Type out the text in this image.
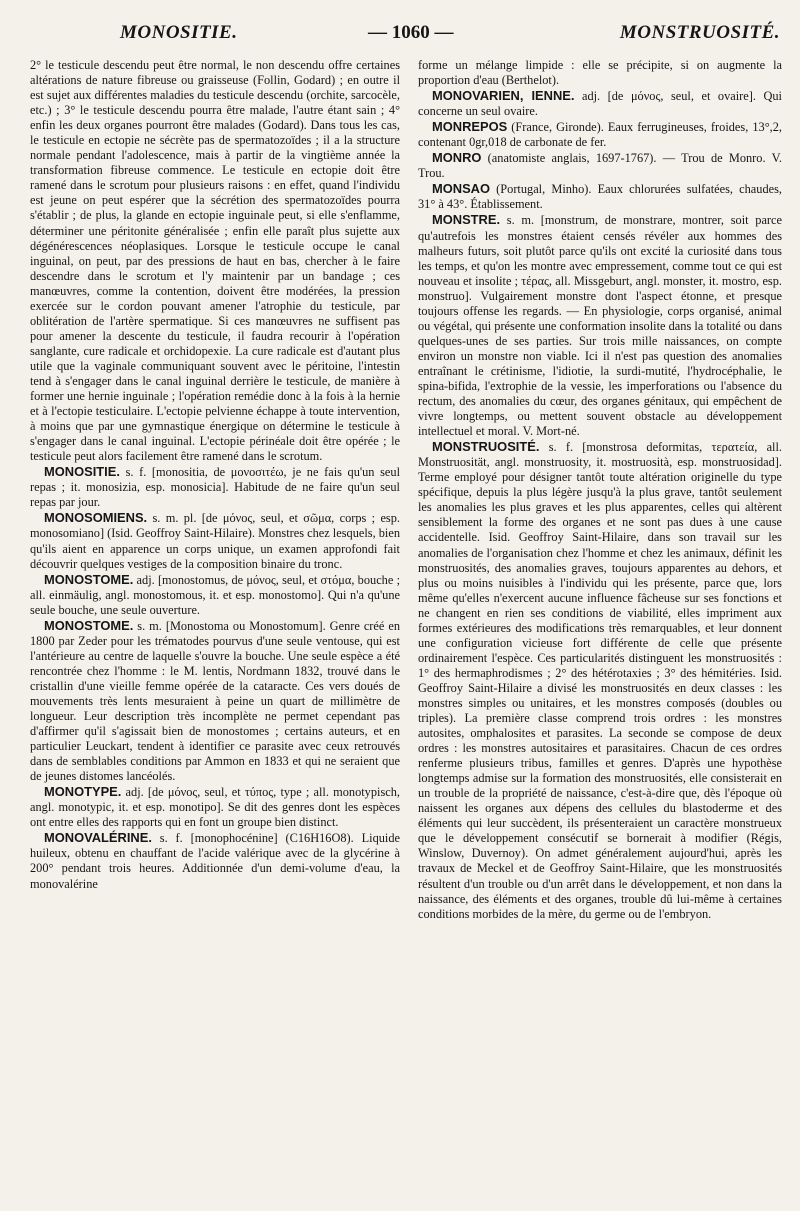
MONOSITIE.	— 1060 —	MONSTRUOSITÉ.

2° le testicule descendu peut être normal, le non descendu offre certaines altérations de nature fibreuse ou graisseuse (Follin, Godard) ; en outre il est sujet aux différentes maladies du testicule descendu (orchite, sarcocèle, etc.) ; 3° le testicule descendu pourra être malade, l'autre étant sain ; 4° enfin les deux organes pourront être malades (Godard). Dans tous les cas, le testicule en ectopie ne sécrète pas de spermatozoïdes ; il a la structure normale pendant l'adolescence, mais à partir de la vingtième année la transformation fibreuse commence. Le testicule en ectopie doit être ramené dans le scrotum pour plusieurs raisons : en effet, quand l'individu est jeune on peut espérer que la sécrétion des spermatozoïdes pourra s'établir ; de plus, la glande en ectopie inguinale peut, si elle s'enflamme, déterminer une péritonite généralisée ; enfin elle paraît plus sujette aux dégénérescences néoplasiques. Lorsque le testicule occupe le canal inguinal, on peut, par des pressions de haut en bas, chercher à le faire descendre dans le scrotum et l'y maintenir par un bandage ; ces manœuvres, comme la contention, doivent être modérées, la pression exercée sur le cordon pouvant amener l'atrophie du testicule, par oblitération de l'artère spermatique. Si ces manœuvres ne suffisent pas pour amener la descente du testicule, il faudra recourir à l'opération sanglante, cure radicale et orchidopexie. La cure radicale est d'autant plus utile que la vaginale communiquant souvent avec le péritoine, l'intestin tend à s'engager dans le canal inguinal derrière le testicule, de manière à former une hernie inguinale ; l'opération remédie donc à la fois à la hernie et à l'ectopie testiculaire. L'ectopie pelvienne échappe à toute intervention, à moins que par une gymnastique énergique on détermine le testicule à s'engager dans le canal inguinal. L'ectopie périnéale doit être opérée ; le testicule peut alors facilement être ramené dans le scrotum.

MONOSITIE. s. f. [monositia, de μονοσιτέω, je ne fais qu'un seul repas ; it. monosizia, esp. monosicia]. Habitude de ne faire qu'un seul repas par jour.

MONOSOMIENS. s. m. pl. [de μόνος, seul, et σῶμα, corps ; esp. monosomiano] (Isid. Geoffroy Saint-Hilaire). Monstres chez lesquels, bien qu'ils aient en apparence un corps unique, un examen approfondi fait découvrir quelques vestiges de la composition binaire du tronc.

MONOSTOME. adj. [monostomus, de μόνος, seul, et στόμα, bouche ; all. einmäulig, angl. monostomous, it. et esp. monostomo]. Qui n'a qu'une seule bouche, une seule ouverture.

MONOSTOME. s. m. [Monostoma ou Monostomum]. Genre créé en 1800 par Zeder pour les trématodes pourvus d'une seule ventouse, qui est l'antérieure au centre de laquelle s'ouvre la bouche. Une seule espèce a été rencontrée chez l'homme : le M. lentis, Nordmann 1832, trouvé dans le cristallin d'une vieille femme opérée de la cataracte. Ces vers doués de mouvements très lents mesuraient à peine un quart de millimètre de longueur. Leur description très incomplète ne permet cependant pas d'affirmer qu'il s'agissait bien de monostomes ; certains auteurs, et en particulier Leuckart, tendent à identifier ce parasite avec ceux retrouvés dans de semblables conditions par Ammon en 1833 et qui ne seraient que de jeunes distomes lancéolés.

MONOTYPE. adj. [de μόνος, seul, et τύπος, type ; all. monotypisch, angl. monotypic, it. et esp. monotipo]. Se dit des genres dont les espèces ont entre elles des rapports qui en font un groupe bien distinct.

MONOVALÉRINE. s. f. [monophocénine] (C16H16O8). Liquide huileux, obtenu en chauffant de l'acide valérique avec de la glycérine à 200° pendant trois heures. Additionnée d'un demi-volume d'eau, la monovalérine

forme un mélange limpide : elle se précipite, si on augmente la proportion d'eau (Berthelot).

MONOVARIEN, IENNE. adj. [de μόνος, seul, et ovaire]. Qui concerne un seul ovaire.

MONREPOS (France, Gironde). Eaux ferrugineuses, froides, 13°,2, contenant 0gr,018 de carbonate de fer.

MONRO (anatomiste anglais, 1697-1767). — Trou de Monro. V. Trou.

MONSAO (Portugal, Minho). Eaux chlorurées sulfatées, chaudes, 31° à 43°. Établissement.

MONSTRE. s. m. [monstrum, de monstrare, montrer, soit parce qu'autrefois les monstres étaient censés révéler aux hommes des malheurs futurs, soit plutôt parce qu'ils ont excité la curiosité dans tous les temps, et qu'on les montre avec empressement, comme tout ce qui est nouveau et insolite ; τέρας, all. Missgeburt, angl. monster, it. mostro, esp. monstruo]. Vulgairement monstre dont l'aspect étonne, et presque toujours offense les regards. — En physiologie, corps organisé, animal ou végétal, qui présente une conformation insolite dans la totalité ou dans quelques-unes de ses parties. Sur trois mille naissances, on compte environ un monstre non viable. Ici il n'est pas question des anomalies entraînant le crétinisme, l'idiotie, la surdi-mutité, l'hydrocéphalie, le spina-bifida, l'extrophie de la vessie, les imperforations ou l'absence du rectum, des anomalies du cœur, des organes génitaux, qui empêchent de vivre longtemps, ou mettent souvent obstacle au développement intellectuel et moral. V. Mort-né.

MONSTRUOSITÉ. s. f. [monstrosa deformitas, τερατεία, all. Monstruosität, angl. monstruosity, it. mostruosità, esp. monstruosidad]. Terme employé pour désigner tantôt toute altération originelle du type spécifique, depuis la plus légère jusqu'à la plus grave, tantôt seulement les anomalies les plus graves et les plus apparentes, celles qui altèrent sensiblement la forme des organes et ne sont pas dues à une cause accidentelle. Isid. Geoffroy Saint-Hilaire, dans son travail sur les anomalies de l'organisation chez l'homme et chez les animaux, définit les monstruosités, des anomalies graves, toujours apparentes au dehors, et plus ou moins nuisibles à l'individu qui les présente, parce que, lors même qu'elles n'exercent aucune influence fâcheuse sur ses fonctions et ne changent en rien ses conditions de viabilité, elles impriment aux formes extérieures des modifications très remarquables, et leur donnent une configuration vicieuse fort différente de celle que présente ordinairement l'espèce. Ces particularités distinguent les monstruosités : 1° des hermaphrodismes ; 2° des hétérotaxies ; 3° des hémitéries. Isid. Geoffroy Saint-Hilaire a divisé les monstruosités en deux classes : les monstres simples ou unitaires, et les monstres composés (doubles ou triples). La première classe comprend trois ordres : les monstres autosites, omphalosites et parasites. La seconde se compose de deux ordres : les monstres autositaires et parasitaires. Chacun de ces ordres renferme plusieurs tribus, familles et genres. D'après une hypothèse longtemps admise sur la formation des monstruosités, elle consisterait en un trouble de la propriété de naissance, c'est-à-dire que, dès l'époque où naissent les organes aux dépens des cellules du blastoderme et des éléments qui leur succèdent, ils présenteraient un caractère monstrueux que le développement consécutif se bornerait à modifier (Régis, Winslow, Duvernoy). On admet généralement aujourd'hui, après les travaux de Meckel et de Geoffroy Saint-Hilaire, que les monstruosités résultent d'un trouble ou d'un arrêt dans le développement, et non dans la naissance, des éléments et des organes, trouble dû lui-même à certaines conditions morbides de la mère, du germe ou de l'embryon.
